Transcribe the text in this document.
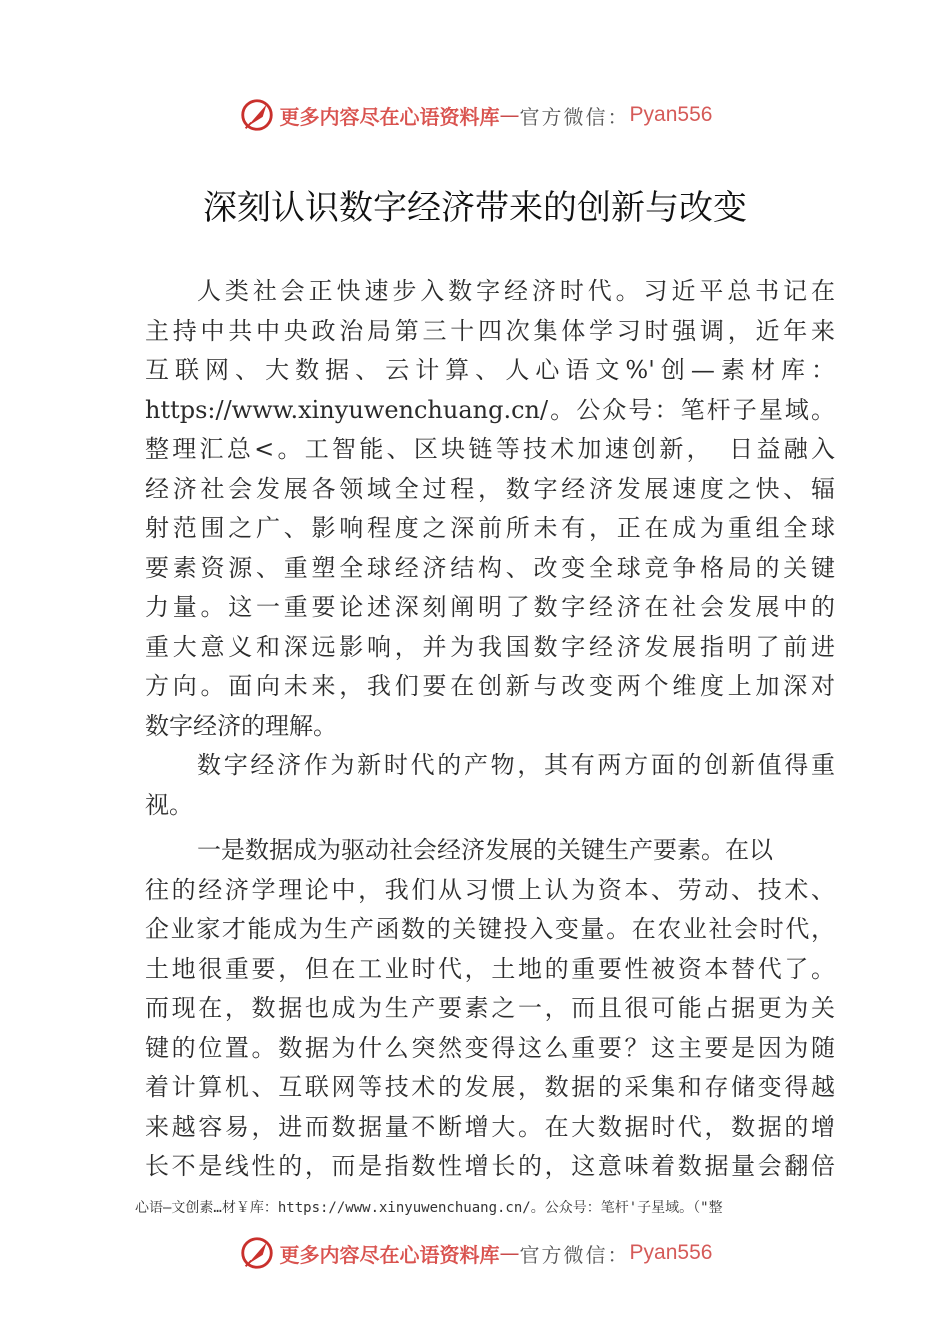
更多内容尽在心语资料库 — 官方微信： Pyan556
深刻认识数字经济带来的创新与改变
人类社会正快速步入数字经济时代。习近平总书记在
主持中共中央政治局第三十四次集体学习时强调，近年来
互联网、大数据、云计算、人心语文%'创—素材库：
https://www.xinyuwenchuang.cn/。公众号：笔杆子星域。
整理汇总<。工智能、区块链等技术加速创新，　日益融入
经济社会发展各领域全过程，数字经济发展速度之快、辐
射范围之广、影响程度之深前所未有，正在成为重组全球
要素资源、重塑全球经济结构、改变全球竞争格局的关键
力量。这一重要论述深刻阐明了数字经济在社会发展中的
重大意义和深远影响，并为我国数字经济发展指明了前进
方向。面向未来，我们要在创新与改变两个维度上加深对
数字经济的理解。
数字经济作为新时代的产物，其有两方面的创新值得重
视。
一是数据成为驱动社会经济发展的关键生产要素。在以
往的经济学理论中，我们从习惯上认为资本、劳动、技术、
企业家才能成为生产函数的关键投入变量。在农业社会时代，
土地很重要，但在工业时代，土地的重要性被资本替代了。
而现在，数据也成为生产要素之一，而且很可能占据更为关
键的位置。数据为什么突然变得这么重要？这主要是因为随
着计算机、互联网等技术的发展，数据的采集和存储变得越
来越容易，进而数据量不断增大。在大数据时代，数据的增
长不是线性的，而是指数性增长的，这意味着数据量会翻倍
心语—文创素…材￥库：https://www.xinyuwenchuang.cn/。公众号：笔杆'子星域。（"整
更多内容尽在心语资料库 — 官方微信： Pyan556
